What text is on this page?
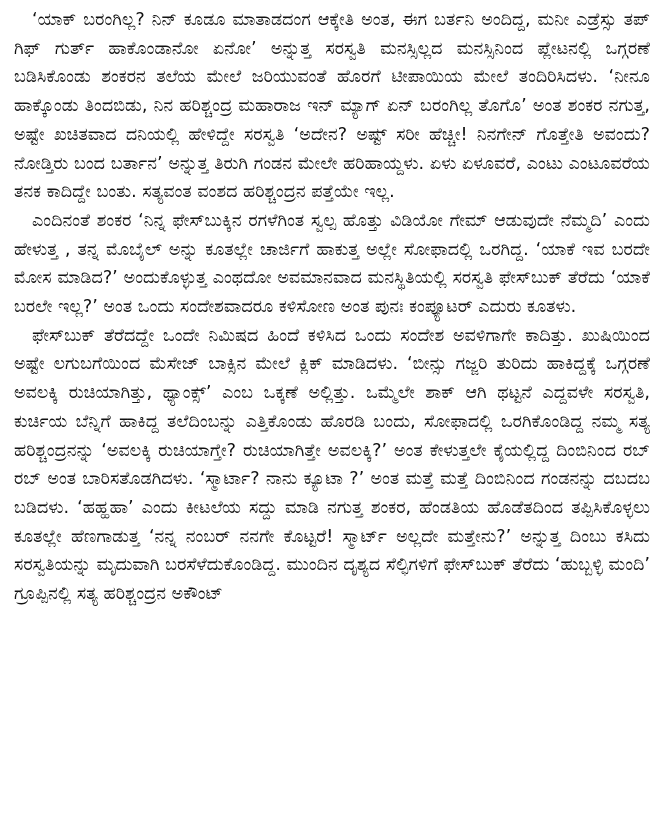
‘ಯಾಕ್ ಬರಂಗಿಲ್ಲ? ನಿನ್ ಕೂಡೂ ಮಾತಾಡದಂಗ ಆಕ್ಕೇತಿ ಅಂತ, ಈಗ ಬರ್ತನಿ ಅಂದಿದ್ದ, ಮನೀ ಎಡ್ರೆಸ್ಸು ತಪ್ ಗಿಫ್ ಗುರ್ತ್ ಹಾಕೊಂಡಾನೋ ಏನೋ’ ಅನ್ನುತ್ತ ಸರಸ್ವತಿ ಮನಸ್ಸಿಲ್ಲದ ಮನಸ್ಸಿನಿಂದ ಪ್ಲೇಟನಲ್ಲಿ ಒಗ್ಗರಣೆ ಬಡಿಸಿಕೊಂಡು ಶಂಕರನ ತಲೆಯ ಮೇಲೆ ಜರಿಯುವಂತೆ ಹೊರಗೆ ಟೀಪಾಯಿಯ ಮೇಲೆ ತಂದಿರಿಸಿದಳು. ‘ನೀನೂ ಹಾಕ್ಕೊಂಡು ತಿಂದಬಿಡು, ನಿನ ಹರಿಶ್ಚಂದ್ರ ಮಹಾರಾಜ ಇನ್ ಮ್ಯಾಗ್ ಏನ್ ಬರಂಗಿಲ್ಲ ತೊಗೊ’ ಅಂತ ಶಂಕರ ನಗುತ್ತ, ಅಷ್ಟೇ ಖಚಿತವಾದ ದನಿಯಲ್ಲಿ ಹೇಳಿದ್ದೇ ಸರಸ್ವತಿ ‘ಅದೇನ? ಅಷ್ಟ್ ಸರೀ ಹೆಚ್ಚೀ! ನಿನಗೇನ್ ಗೊತ್ತೇತಿ ಅವಂದು? ನೋಡ್ತಿರು ಬಂದ ಬರ್ತಾನ’ ಅನ್ನುತ್ತ ತಿರುಗಿ ಗಂಡನ ಮೇಲೇ ಹರಿಹಾಯ್ದಳು. ಏಳು ಏಳೂವರೆ, ಎಂಟು ಎಂಟೂವರೆಯ ತನಕ ಕಾದಿದ್ದೇ ಬಂತು. ಸತ್ಯವಂತ ವಂಶದ ಹರಿಶ್ಚಂದ್ರನ ಪತ್ತೆಯೇ ಇಲ್ಲ.

ಎಂದಿನಂತೆ ಶಂಕರ ‘ನಿನ್ನ ಫೇಸ್‌ಬುಕ್ಕಿನ ರಗಳೆಗಿಂತ ಸ್ವಲ್ಪ ಹೊತ್ತು ವಿಡಿಯೋ ಗೇಮ್ ಆಡುವುದೇ ನೆಮ್ಮದಿ’ ಎಂದು ಹೇಳುತ್ತ , ತನ್ನ ಮೊಬೈಲ್ ಅನ್ನು ಕೂತಲ್ಲೇ ಚಾರ್ಜಿಗೆ ಹಾಕುತ್ತ ಅಲ್ಲೇ ಸೋಫಾದಲ್ಲಿ ಒರಗಿದ್ದ. ‘ಯಾಕೆ ಇವ ಬರದೇ ಮೋಸ ಮಾಡಿದ?’ ಅಂದುಕೊಳ್ಳುತ್ತ ಎಂಥದೋ ಅವಮಾನವಾದ ಮನಸ್ಥಿತಿಯಲ್ಲಿ ಸರಸ್ವತಿ ಫೇಸ್‌ಬುಕ್ ತೆರೆದು ‘ಯಾಕೆ ಬರಲೇ ಇಲ್ಲ?’ ಅಂತ ಒಂದು ಸಂದೇಶವಾದರೂ ಕಳಿಸೋಣ ಅಂತ ಪುನಃ ಕಂಪ್ಯೂಟರ್ ಎದುರು ಕೂತಳು.

ಫೇಸ್‌ಬುಕ್ ತೆರೆದದ್ದೇ ಒಂದೇ ನಿಮಿಷದ ಹಿಂದೆ ಕಳಿಸಿದ ಒಂದು ಸಂದೇಶ ಅವಳಿಗಾಗೇ ಕಾದಿತ್ತು. ಖುಷಿಯಿಂದ ಅಷ್ಟೇ ಲಗುಬಗೆಯಿಂದ ಮೆಸೇಜ್ ಬಾಕ್ಸಿನ ಮೇಲೆ ಕ್ಲಿಕ್ ಮಾಡಿದಳು. ‘ಬೀನ್ಸು ಗಜ್ಜರಿ ತುರಿದು ಹಾಕಿದ್ದಕ್ಕೆ ಒಗ್ಗರಣೆ ಅವಲಕ್ಕಿ ರುಚಿಯಾಗಿತ್ತು, ಥ್ಯಾಂಕ್ಸ್’ ಎಂಬ ಒಕ್ಕಣೆ ಅಲ್ಲಿತ್ತು. ಒಮ್ಮೆಲೇ ಶಾಕ್ ಆಗಿ ಥಟ್ಟನೆ ಎದ್ದವಳೇ ಸರಸ್ವತಿ, ಕುರ್ಚಿಯ ಬೆನ್ನಿಗೆ ಹಾಕಿದ್ದ ತಲೆದಿಂಬನ್ನು ಎತ್ತಿಕೊಂಡು ಹೊರಡಿ ಬಂದು, ಸೋಫಾದಲ್ಲಿ ಒರಗಿಕೊಂಡಿದ್ದ ನಮ್ಮ ಸತ್ಯ ಹರಿಶ್ಚಂದ್ರನನ್ನು ‘ಅವಲಕ್ಕಿ ರುಚಿಯಾಗ್ತೇ? ರುಚಿಯಾಗಿತ್ತೇ ಅವಲಕ್ಕಿ?’ ಅಂತ ಕೇಳುತ್ತಲೇ ಕೈಯಲ್ಲಿದ್ದ ದಿಂಬಿನಿಂದ ರಬ್ ರಬ್ ಅಂತ ಬಾರಿಸತೊಡಗಿದಳು. ‘ಸ್ಮಾರ್ಟಾ? ನಾನು ಕ್ಯೂಟಾ ?’ ಅಂತ ಮತ್ತೆ ಮತ್ತೆ ದಿಂಬಿನಿಂದ ಗಂಡನನ್ನು ದಬದಬ ಬಡಿದಳು. ‘ಹಹ್ಹಹಾ’ ಎಂದು ಕೀಟಲೆಯ ಸದ್ದು ಮಾಡಿ ನಗುತ್ತ ಶಂಕರ, ಹೆಂಡತಿಯ ಹೊಡೆತದಿಂದ ತಪ್ಪಿಸಿಕೊಳ್ಳಲು ಕೂತಲ್ಲೇ ಹೆಣಗಾಡುತ್ತ ‘ನನ್ನ ನಂಬರ್ ನನಗೇ ಕೊಟ್ಟರೆ! ಸ್ಮಾರ್ಟ್ ಅಲ್ಲದೇ ಮತ್ತೇನು?’ ಅನ್ನುತ್ತ ದಿಂಬು ಕಸಿದು ಸರಸ್ವತಿಯನ್ನು ಮೃದುವಾಗಿ ಬರಸೆಳೆದುಕೊಂಡಿದ್ದ. ಮುಂದಿನ ದೃಶ್ಯದ ಸೆಲ್ಫಿಗಳಿಗೆ ಫೇಸ್‌ಬುಕ್ ತೆರೆದು ‘ಹುಬ್ಬಳ್ಳಿ ಮಂದಿ’ ಗ್ರೂಪ್ಪಿನಲ್ಲಿ ಸತ್ಯ ಹರಿಶ್ಚಂದ್ರನ ಅಕೌಂಟ್
